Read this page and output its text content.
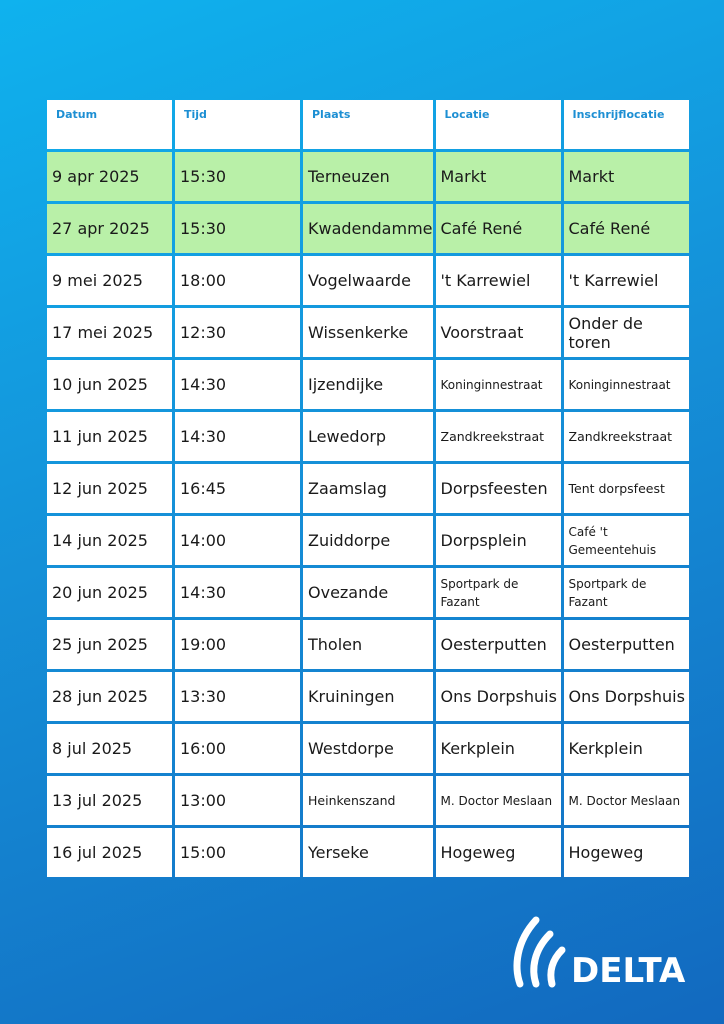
Datum	Tijd	Plaats	Locatie	Inschrijflocatie
9 apr 2025	15:30	Terneuzen	Markt	Markt
27 apr 2025	15:30	Kwadendamme	Café René	Café René
9 mei 2025	18:00	Vogelwaarde	't Karrewiel	't Karrewiel
17 mei 2025	12:30	Wissenkerke	Voorstraat	Onder de toren
10 jun 2025	14:30	Ijzendijke	Koninginnestraat	Koninginnestraat
11 jun 2025	14:30	Lewedorp	Zandkreekstraat	Zandkreekstraat
12 jun 2025	16:45	Zaamslag	Dorpsfeesten	Tent dorpsfeest
14 jun 2025	14:00	Zuiddorpe	Dorpsplein	Café 't Gemeentehuis
20 jun 2025	14:30	Ovezande	Sportpark de Fazant	Sportpark de Fazant
25 jun 2025	19:00	Tholen	Oesterputten	Oesterputten
28 jun 2025	13:30	Kruiningen	Ons Dorpshuis	Ons Dorpshuis
8 jul 2025	16:00	Westdorpe	Kerkplein	Kerkplein
13 jul 2025	13:00	Heinkenszand	M. Doctor Meslaan	M. Doctor Meslaan
16 jul 2025	15:00	Yerseke	Hogeweg	Hogeweg
DELTA
